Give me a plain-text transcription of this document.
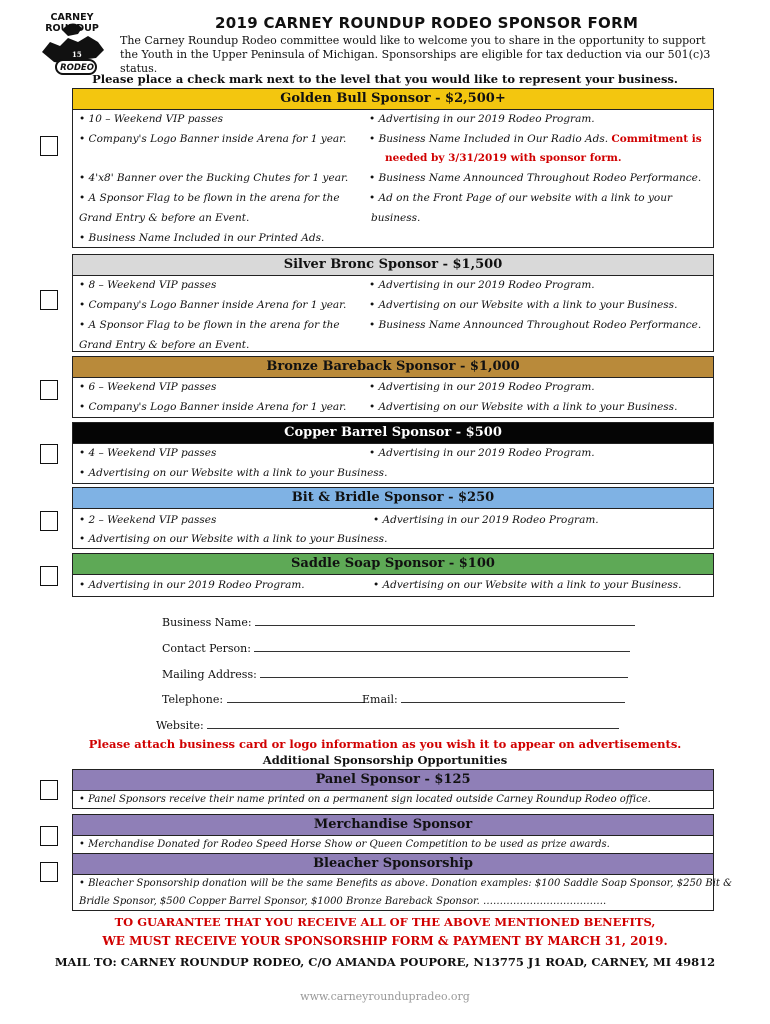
CARNEY ROUNDUP
RODEO
15
2019 CARNEY ROUNDUP RODEO SPONSOR FORM
The Carney Roundup Rodeo committee would like to welcome you to share in the opportunity to support the Youth in the Upper Peninsula of Michigan. Sponsorships are eligible for tax deduction via our 501(c)3 status.
Please place a check mark next to the level that you would like to represent your business.
Golden Bull Sponsor - $2,500+
• 10 – Weekend VIP passes
• Company's Logo Banner inside Arena for 1 year.
• 4'x8' Banner over the Bucking Chutes for 1 year.
• A Sponsor Flag to be flown in the arena for the
Grand Entry & before an Event.
• Business Name Included in our Printed Ads.
• Advertising in our 2019 Rodeo Program.
• Business Name Included in Our Radio Ads. Commitment is
needed by 3/31/2019 with sponsor form.
• Business Name Announced Throughout Rodeo Performance.
• Ad on the Front Page of our website with a link to your
business.
Silver Bronc Sponsor - $1,500
• 8 – Weekend VIP passes
• Company's Logo Banner inside Arena for 1 year.
• A Sponsor Flag to be flown in the arena for the
Grand Entry & before an Event.
• Advertising in our 2019 Rodeo Program.
• Advertising on our Website with a link to your Business.
• Business Name Announced Throughout Rodeo Performance.
Bronze Bareback Sponsor - $1,000
• 6 – Weekend VIP passes
• Company's Logo Banner inside Arena for 1 year.
• Advertising in our 2019 Rodeo Program.
• Advertising on our Website with a link to your Business.
Copper Barrel Sponsor - $500
• 4 – Weekend VIP passes	• Advertising in our 2019 Rodeo Program.
• Advertising on our Website with a link to your Business.
Bit & Bridle Sponsor - $250
• 2 – Weekend VIP passes	• Advertising in our 2019 Rodeo Program.
• Advertising on our Website with a link to your Business.
Saddle Soap Sponsor - $100
• Advertising in our 2019 Rodeo Program.	• Advertising on our Website with a link to your Business.
Business Name:
Contact Person:
Mailing Address:
Telephone:	Email:
Website:
Please attach business card or logo information as you wish it to appear on advertisements.
Additional Sponsorship Opportunities
Panel Sponsor - $125
• Panel Sponsors receive their name printed on a permanent sign located outside Carney Roundup Rodeo office.
Merchandise Sponsor
• Merchandise Donated for Rodeo Speed Horse Show or Queen Competition to be used as prize awards.
Bleacher Sponsorship
• Bleacher Sponsorship donation will be the same Benefits as above. Donation examples: $100 Saddle Soap Sponsor, $250 Bit &
Bridle Sponsor, $500 Copper Barrel Sponsor, $1000 Bronze Bareback Sponsor. ……………………………….
TO GUARANTEE THAT YOU RECEIVE ALL OF THE ABOVE MENTIONED BENEFITS,
WE MUST RECEIVE YOUR SPONSORSHIP FORM & PAYMENT BY MARCH 31, 2019.
MAIL TO: CARNEY ROUNDUP RODEO, C/O AMANDA POUPORE, N13775 J1 ROAD, CARNEY, MI 49812
www.carneyroundupradeo.org
